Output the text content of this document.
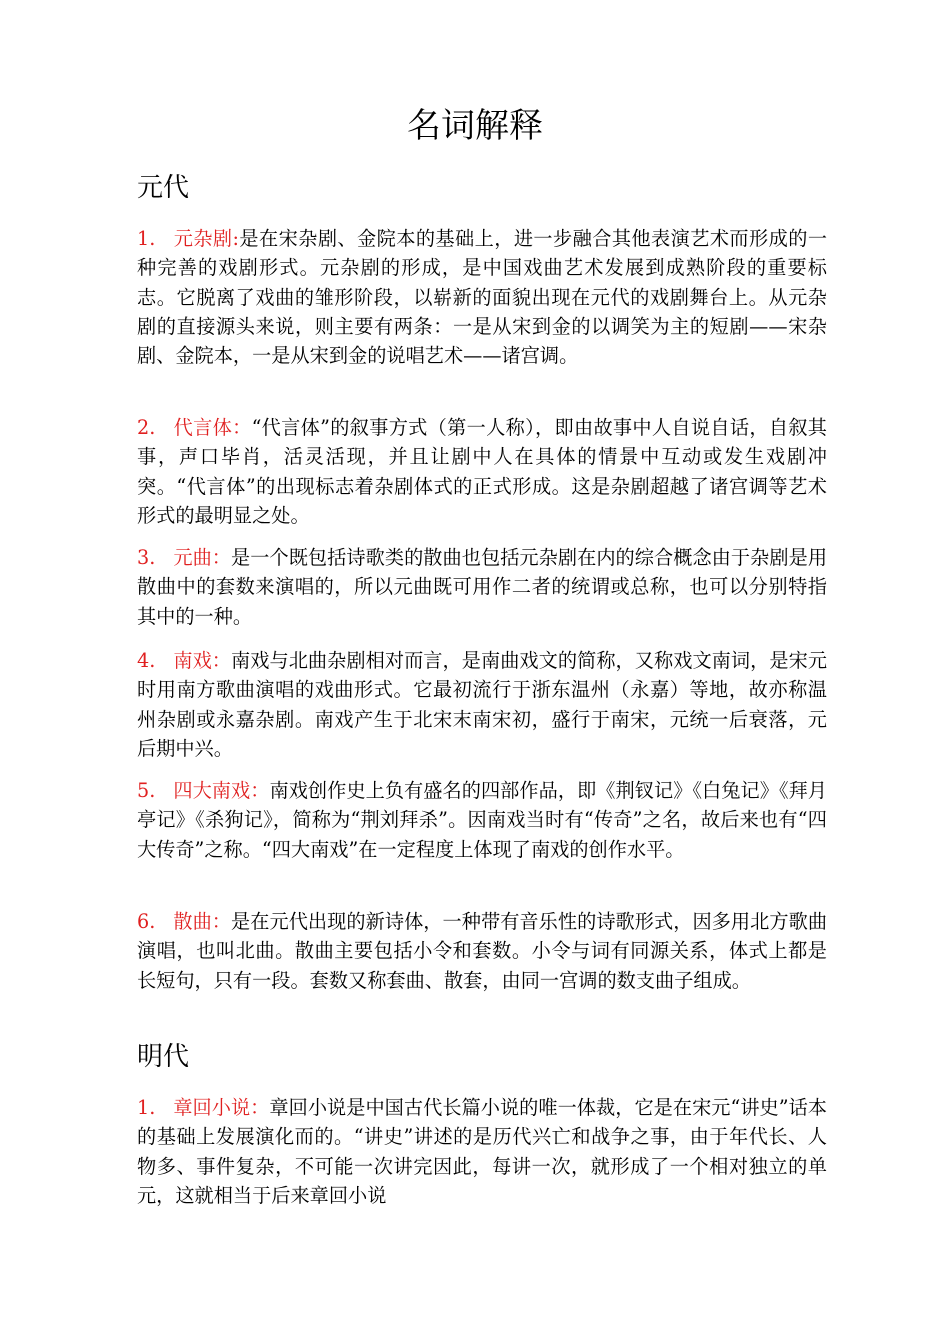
名词解释
元代

1. 元杂剧:是在宋杂剧、金院本的基础上，进一步融合其他表演艺术而形成的一种完善的戏剧形式。元杂剧的形成，是中国戏曲艺术发展到成熟阶段的重要标志。它脱离了戏曲的雏形阶段，以崭新的面貌出现在元代的戏剧舞台上。从元杂剧的直接源头来说，则主要有两条：一是从宋到金的以调笑为主的短剧——宋杂剧、金院本，一是从宋到金的说唱艺术——诸宫调。

2. 代言体：“代言体”的叙事方式（第一人称），即由故事中人自说自话，自叙其事，声口毕肖，活灵活现，并且让剧中人在具体的情景中互动或发生戏剧冲突。“代言体”的出现标志着杂剧体式的正式形成。这是杂剧超越了诸宫调等艺术形式的最明显之处。

3. 元曲：是一个既包括诗歌类的散曲也包括元杂剧在内的综合概念由于杂剧是用散曲中的套数来演唱的，所以元曲既可用作二者的统谓或总称，也可以分别特指其中的一种。

4. 南戏：南戏与北曲杂剧相对而言，是南曲戏文的简称，又称戏文南词，是宋元时用南方歌曲演唱的戏曲形式。它最初流行于浙东温州（永嘉）等地，故亦称温州杂剧或永嘉杂剧。南戏产生于北宋末南宋初，盛行于南宋，元统一后衰落，元后期中兴。

5. 四大南戏：南戏创作史上负有盛名的四部作品，即《荆钗记》《白兔记》《拜月亭记》《杀狗记》，简称为“荆刘拜杀”。因南戏当时有“传奇”之名，故后来也有“四大传奇”之称。“四大南戏”在一定程度上体现了南戏的创作水平。

6. 散曲：是在元代出现的新诗体，一种带有音乐性的诗歌形式，因多用北方歌曲演唱，也叫北曲。散曲主要包括小令和套数。小令与词有同源关系，体式上都是长短句，只有一段。套数又称套曲、散套，由同一宫调的数支曲子组成。

明代

1. 章回小说：章回小说是中国古代长篇小说的唯一体裁，它是在宋元“讲史”话本的基础上发展演化而的。“讲史”讲述的是历代兴亡和战争之事，由于年代长、人物多、事件复杂，不可能一次讲完因此，每讲一次，就形成了一个相对独立的单元，这就相当于后来章回小说
